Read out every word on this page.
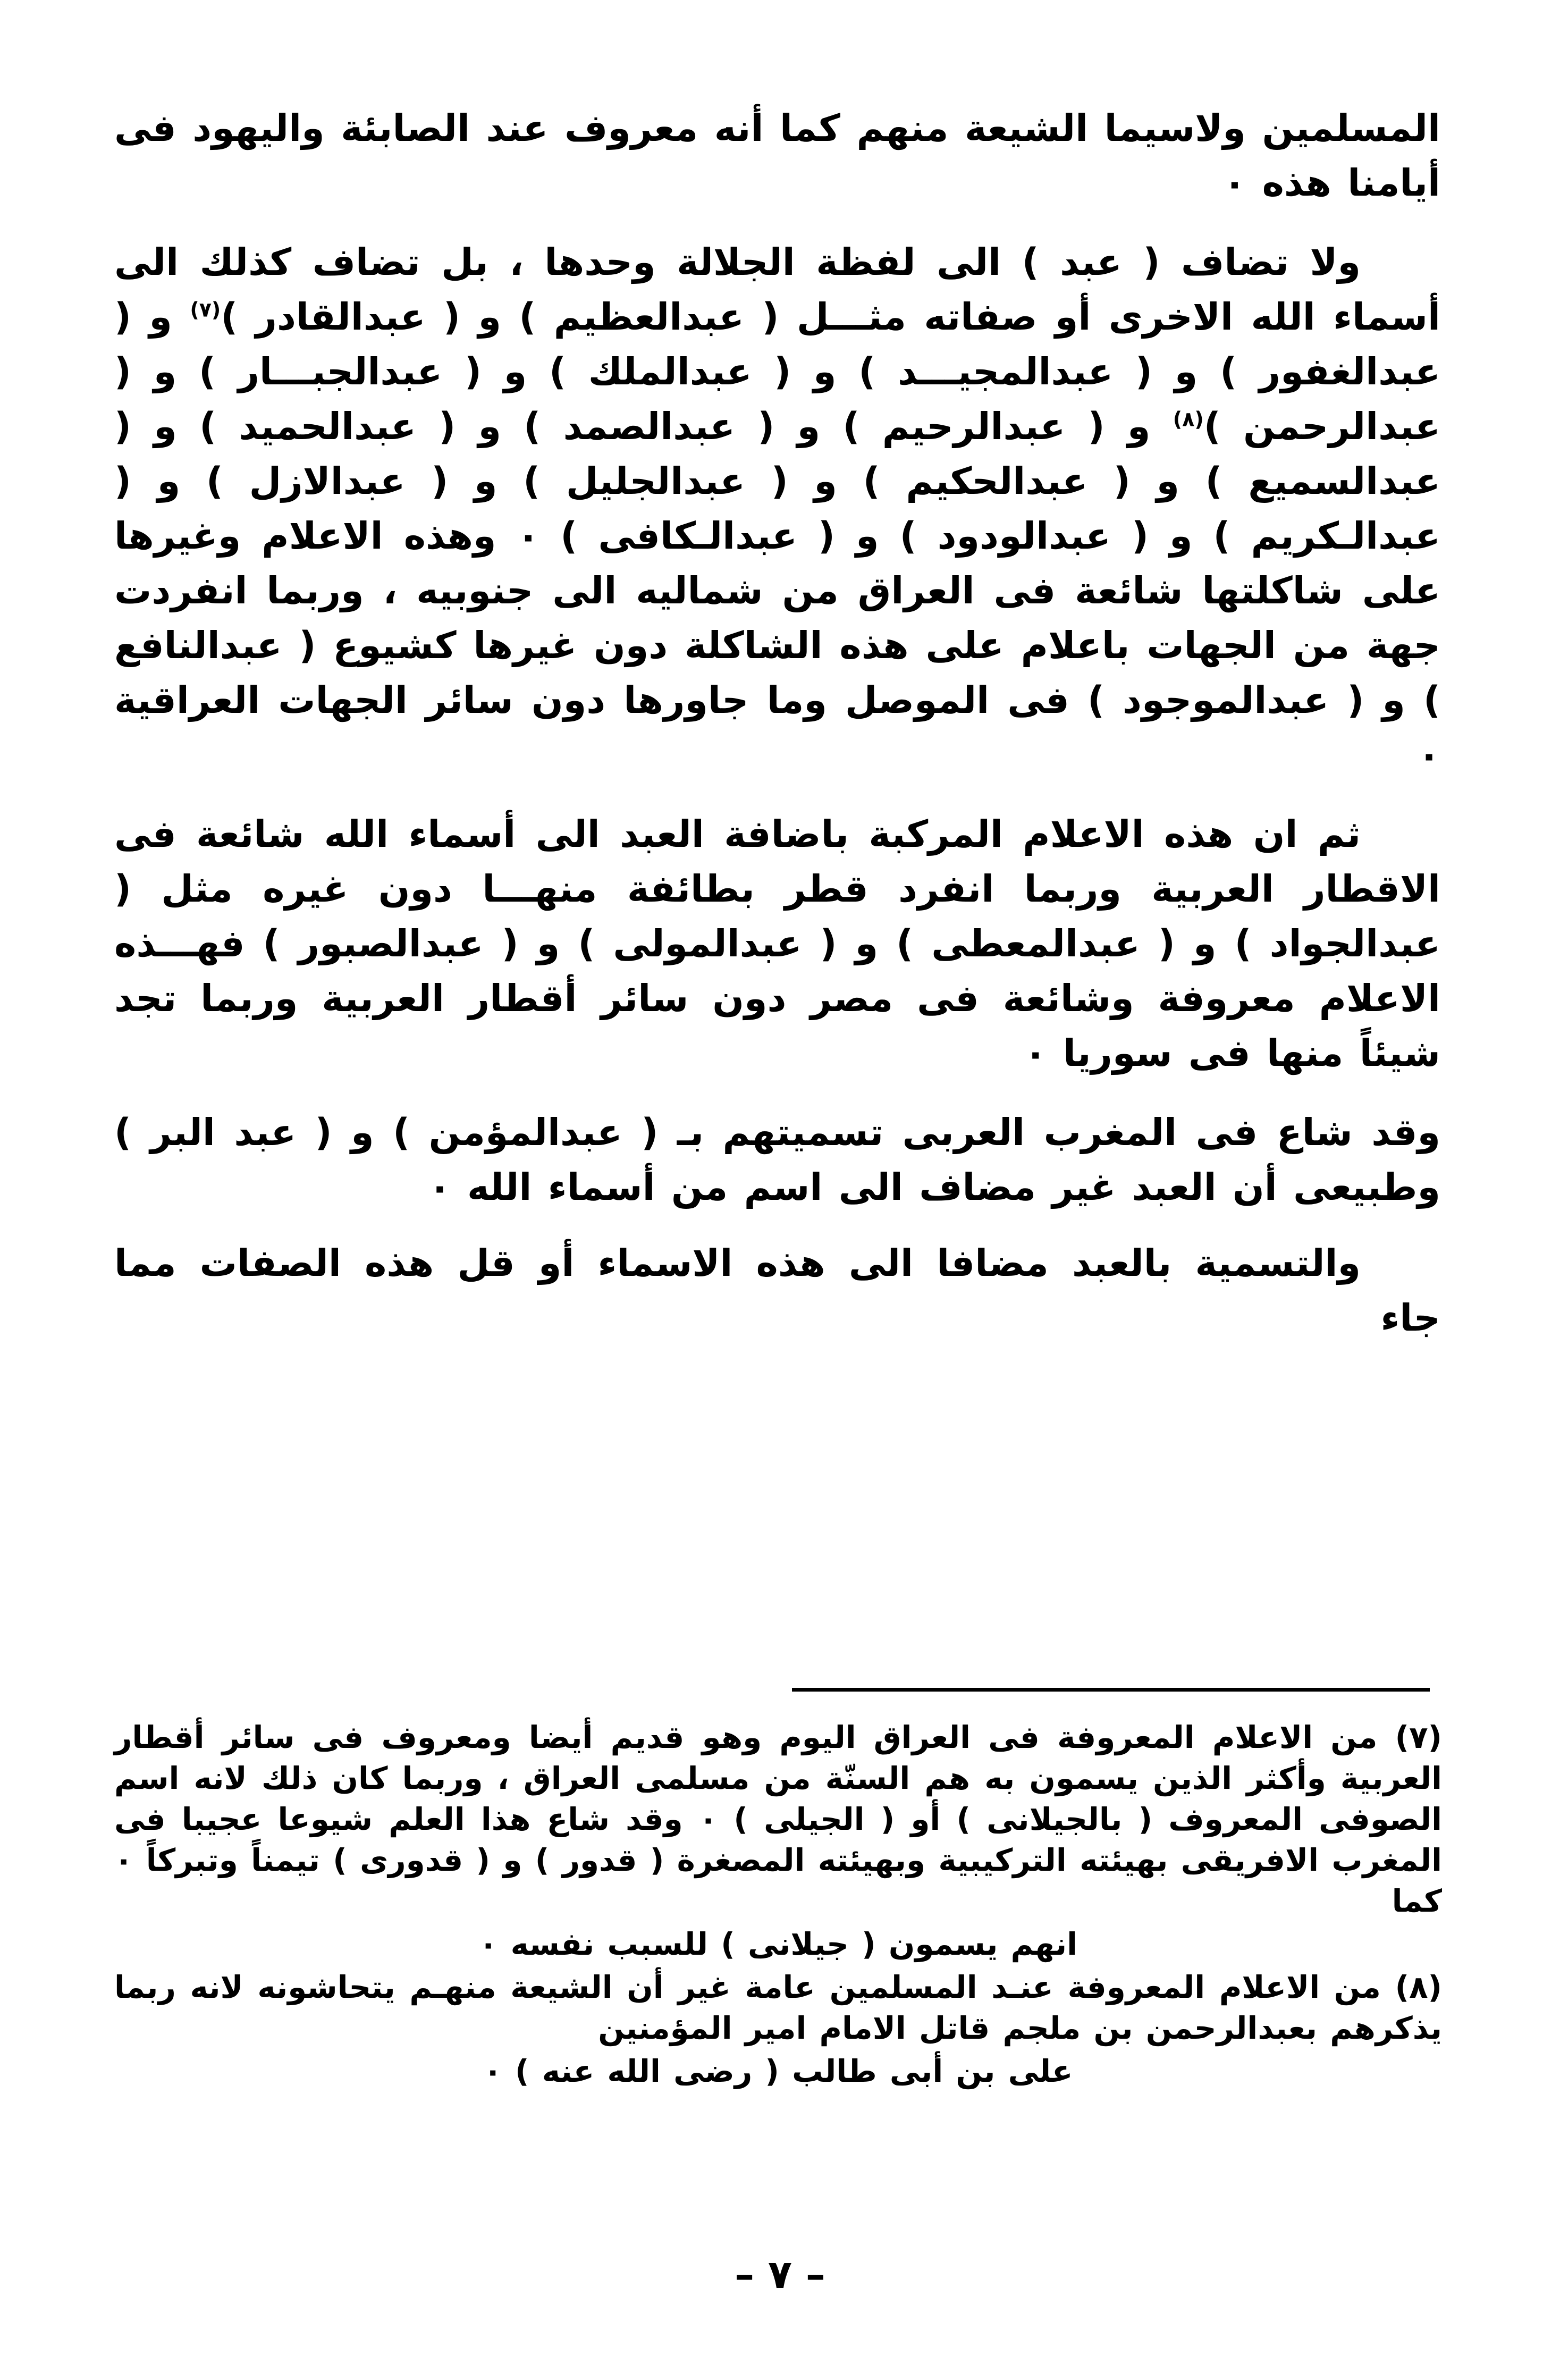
المسلمين ولاسيما الشيعة منهم كما أنه معروف عند الصابئة واليهود فى أيامنا هذه ٠

ولا تضاف ( عبد ) الى لفظة الجلالة وحدها ، بل تضاف كذلك الى أسماء الله الاخرى أو صفاته مثـــل ( عبدالعظيم ) و ( عبدالقادر )$^{(٧)}$ و ( عبدالغفور ) و ( عبدالمجيـــد ) و ( عبدالملك ) و ( عبدالجبـــار ) و ( عبدالرحمن )$^{(٨)}$ و ( عبدالرحيم ) و ( عبدالصمد ) و ( عبدالحميد ) و ( عبدالسميع ) و ( عبدالحكيم ) و ( عبدالجليل ) و ( عبدالازل ) و ( عبدالـكريم ) و ( عبدالودود ) و ( عبدالـكافى ) ٠ وهذه الاعلام وغيرها على شاكلتها شائعة فى العراق من شماليه الى جنوبيه ، وربما انفردت جهة من الجهات باعلام على هذه الشاكلة دون غيرها كشيوع ( عبدالنافع ) و ( عبدالموجود ) فى الموصل وما جاورها دون سائر الجهات العراقية ٠

ثم ان هذه الاعلام المركبة باضافة العبد الى أسماء الله شائعة فى الاقطار العربية وربما انفرد قطر بطائفة منهـــا دون غيره مثل ( عبدالجواد ) و ( عبدالمعطى ) و ( عبدالمولى ) و ( عبدالصبور ) فهـــذه الاعلام معروفة وشائعة فى مصر دون سائر أقطار العربية وربما تجد شيئاً منها فى سوريا ٠

وقد شاع فى المغرب العربى تسميتهم بـ ( عبدالمؤمن ) و ( عبد البر ) وطبيعى أن العبد غير مضاف الى اسم من أسماء الله ٠

والتسمية بالعبد مضافا الى هذه الاسماء أو قل هذه الصفات مما جاء

(٧) من الاعلام المعروفة فى العراق اليوم وهو قديم أيضا ومعروف فى سائر أقطار العربية وأكثر الذين يسمون به هم السنّة من مسلمى العراق ، وربما كان ذلك لانه اسم الصوفى المعروف ( بالجيلانى ) أو ( الجيلى ) ٠ وقد شاع هذا العلم شيوعا عجيبا فى المغرب الافريقى بهيئته التركيبية وبهيئته المصغرة ( قدور ) و ( قدورى ) تيمناً وتبركاً ٠ كما

انهم يسمون ( جيلانى ) للسبب نفسه ٠

(٨) من الاعلام المعروفة عنـد المسلمين عامة غير أن الشيعة منهـم يتحاشونه لانه ربما يذكرهم بعبدالرحمن بن ملجم قاتل الامام امير المؤمنين

على بن أبى طالب ( رضى الله عنه ) ٠

‏– ٧ –‏
